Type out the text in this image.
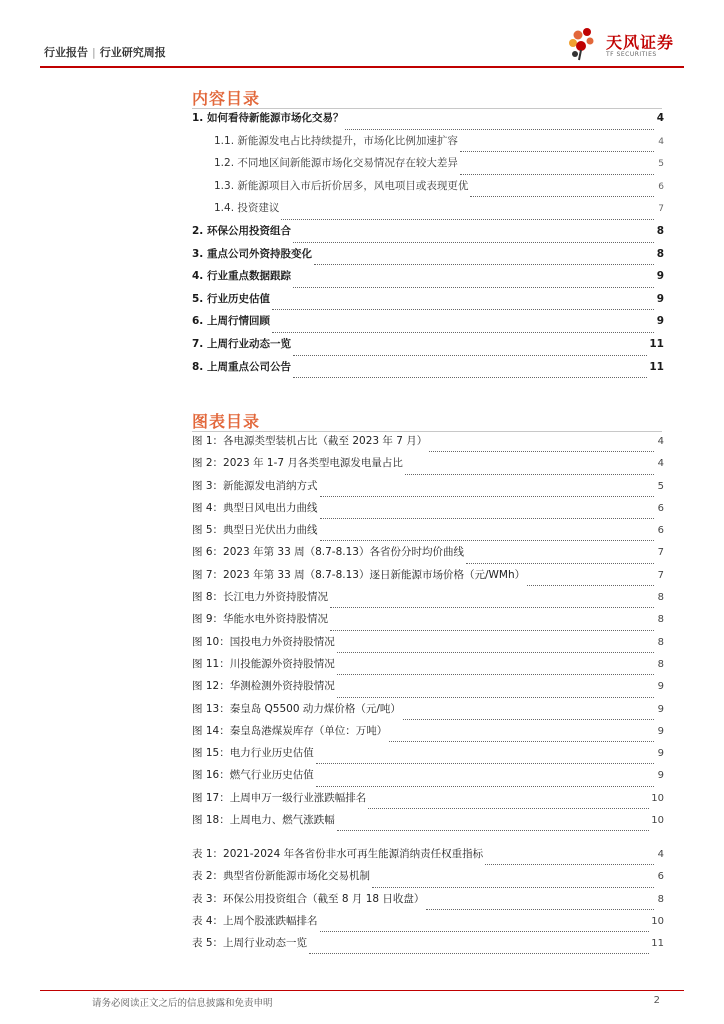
行业报告 | 行业研究周报
天风证券
TF SECURITIES
内容目录
1. 如何看待新能源市场化交易？	4
1.1. 新能源发电占比持续提升，市场化比例加速扩容	4
1.2. 不同地区间新能源市场化交易情况存在较大差异	5
1.3. 新能源项目入市后折价居多，风电项目或表现更优	6
1.4. 投资建议	7
2. 环保公用投资组合	8
3. 重点公司外资持股变化	8
4. 行业重点数据跟踪	9
5. 行业历史估值	9
6. 上周行情回顾	9
7. 上周行业动态一览	11
8. 上周重点公司公告	11
图表目录
图 1：各电源类型装机占比（截至 2023 年 7 月）	4
图 2：2023 年 1-7 月各类型电源发电量占比	4
图 3：新能源发电消纳方式	5
图 4：典型日风电出力曲线	6
图 5：典型日光伏出力曲线	6
图 6：2023 年第 33 周（8.7-8.13）各省份分时均价曲线	7
图 7：2023 年第 33 周（8.7-8.13）逐日新能源市场价格（元/WMh）	7
图 8：长江电力外资持股情况	8
图 9：华能水电外资持股情况	8
图 10：国投电力外资持股情况	8
图 11：川投能源外资持股情况	8
图 12：华测检测外资持股情况	9
图 13：秦皇岛 Q5500 动力煤价格（元/吨）	9
图 14：秦皇岛港煤炭库存（单位：万吨）	9
图 15：电力行业历史估值	9
图 16：燃气行业历史估值	9
图 17：上周申万一级行业涨跌幅排名	10
图 18：上周电力、燃气涨跌幅	10
表 1：2021-2024 年各省份非水可再生能源消纳责任权重指标	4
表 2：典型省份新能源市场化交易机制	6
表 3：环保公用投资组合（截至 8 月 18 日收盘）	8
表 4：上周个股涨跌幅排名	10
表 5：上周行业动态一览	11
请务必阅读正文之后的信息披露和免责申明	2
